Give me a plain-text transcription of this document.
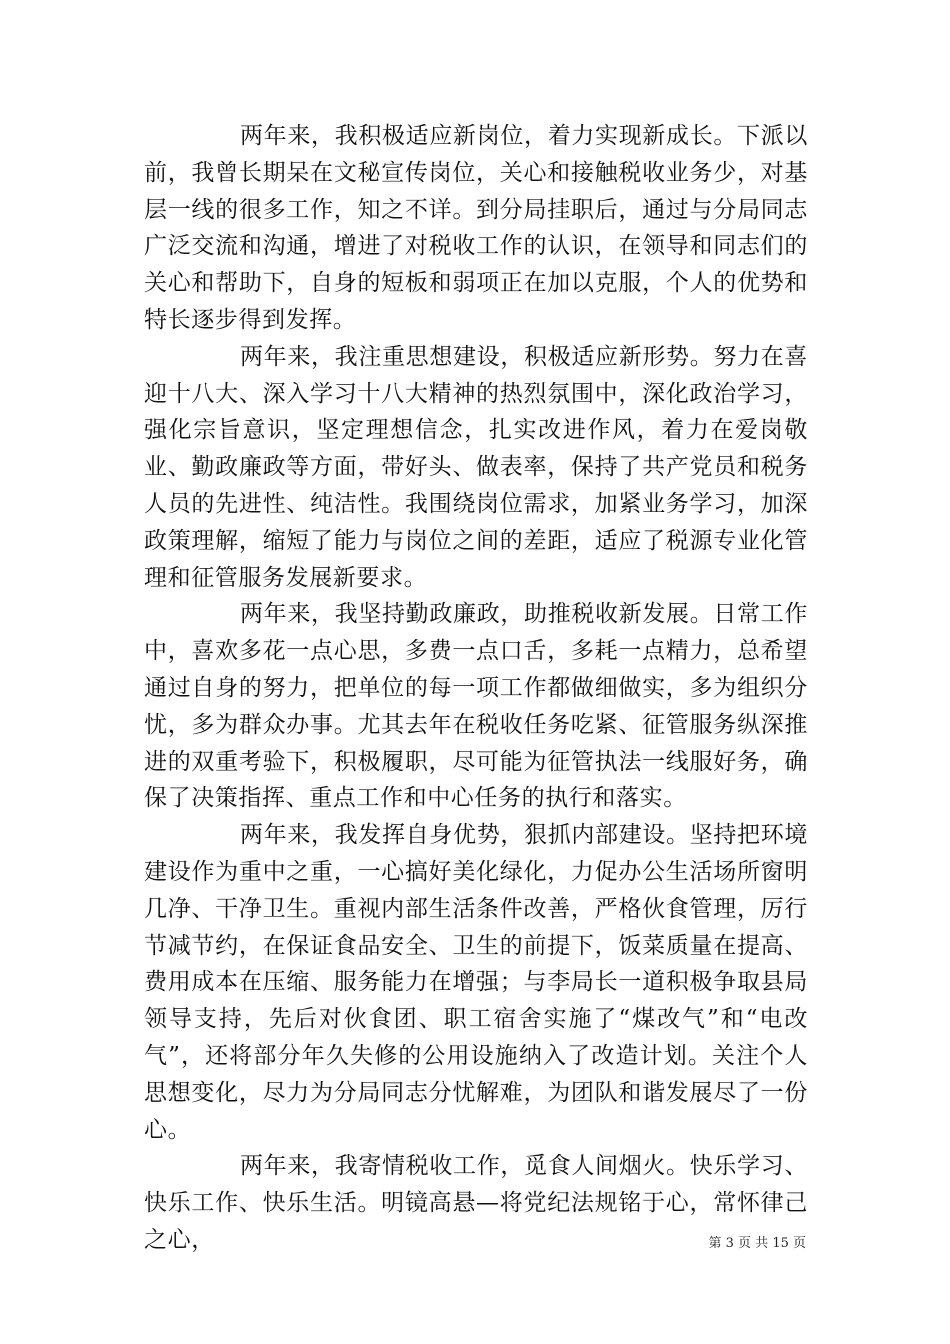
两年来，我积极适应新岗位，着力实现新成长。下派以前，我曾长期呆在文秘宣传岗位，关心和接触税收业务少，对基层一线的很多工作，知之不详。到分局挂职后，通过与分局同志广泛交流和沟通，增进了对税收工作的认识，在领导和同志们的关心和帮助下，自身的短板和弱项正在加以克服，个人的优势和特长逐步得到发挥。

两年来，我注重思想建设，积极适应新形势。努力在喜迎十八大、深入学习十八大精神的热烈氛围中，深化政治学习，强化宗旨意识，坚定理想信念，扎实改进作风，着力在爱岗敬业、勤政廉政等方面，带好头、做表率，保持了共产党员和税务人员的先进性、纯洁性。我围绕岗位需求，加紧业务学习，加深政策理解，缩短了能力与岗位之间的差距，适应了税源专业化管理和征管服务发展新要求。

两年来，我坚持勤政廉政，助推税收新发展。日常工作中，喜欢多花一点心思，多费一点口舌，多耗一点精力，总希望通过自身的努力，把单位的每一项工作都做细做实，多为组织分忧，多为群众办事。尤其去年在税收任务吃紧、征管服务纵深推进的双重考验下，积极履职，尽可能为征管执法一线服好务，确保了决策指挥、重点工作和中心任务的执行和落实。

两年来，我发挥自身优势，狠抓内部建设。坚持把环境建设作为重中之重，一心搞好美化绿化，力促办公生活场所窗明几净、干净卫生。重视内部生活条件改善，严格伙食管理，厉行节减节约，在保证食品安全、卫生的前提下，饭菜质量在提高、费用成本在压缩、服务能力在增强；与李局长一道积极争取县局领导支持，先后对伙食团、职工宿舍实施了“煤改气”和“电改气”，还将部分年久失修的公用设施纳入了改造计划。关注个人思想变化，尽力为分局同志分忧解难，为团队和谐发展尽了一份心。

两年来，我寄情税收工作，觅食人间烟火。快乐学习、快乐工作、快乐生活。明镜高悬—将党纪法规铭于心，常怀律己之心，	第 3 页 共 15 页
